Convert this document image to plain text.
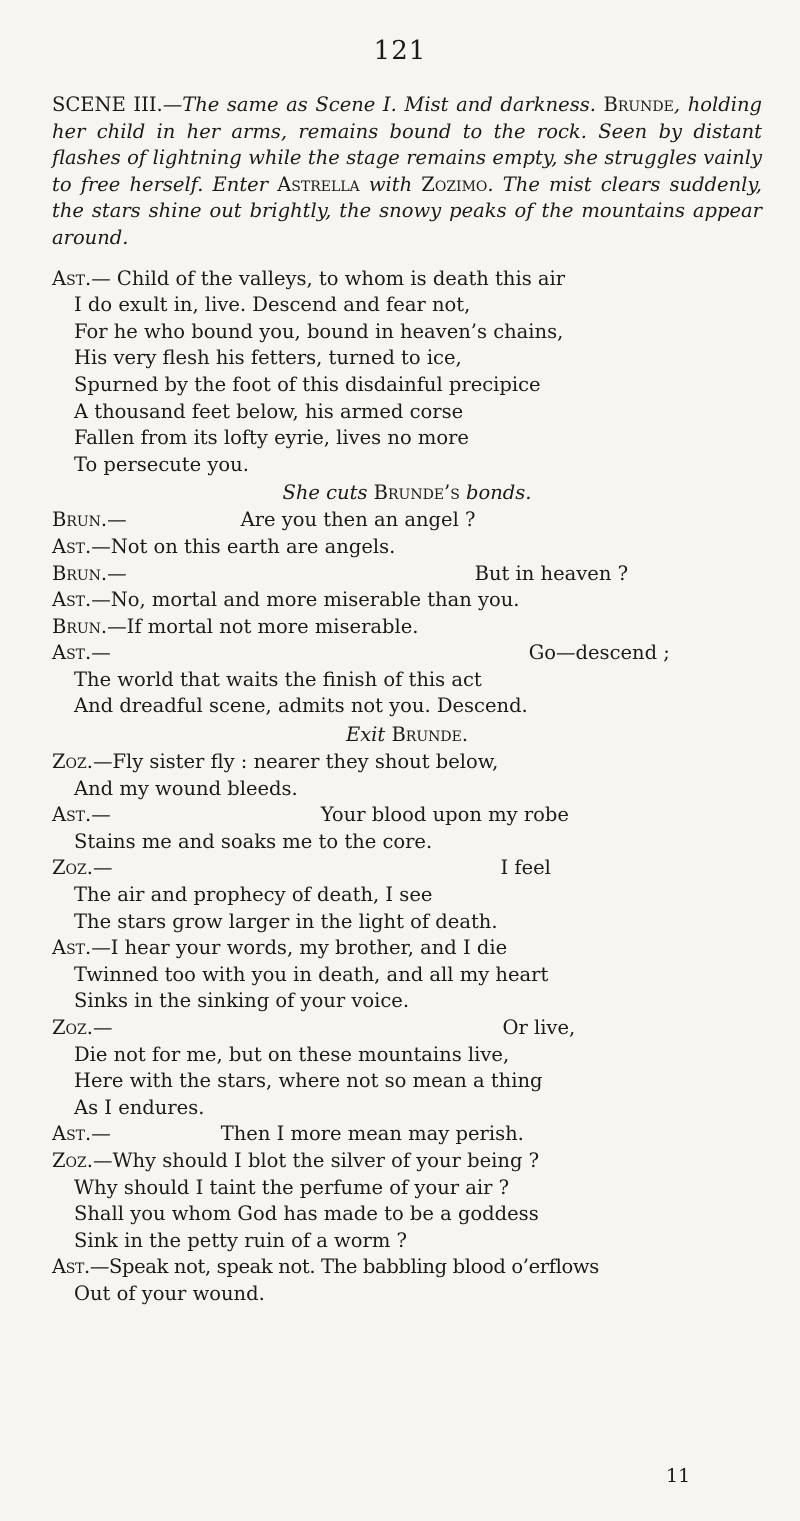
121

SCENE III.—The same as Scene I. Mist and darkness. Brunde, holding her child in her arms, remains bound to the rock. Seen by distant flashes of lightning while the stage remains empty, she struggles vainly to free herself. Enter Astrella with Zozimo. The mist clears suddenly, the stars shine out brightly, the snowy peaks of the mountains appear around.

Ast.— Child of the valleys, to whom is death this air
I do exult in, live. Descend and fear not,
For he who bound you, bound in heaven’s chains,
His very flesh his fetters, turned to ice,
Spurned by the foot of this disdainful precipice
A thousand feet below, his armed corse
Fallen from its lofty eyrie, lives no more
To persecute you.
She cuts Brunde’s bonds.
Brun.—	Are you then an angel ?
Ast.—Not on this earth are angels.
Brun.—	But in heaven ?
Ast.—No, mortal and more miserable than you.
Brun.—If mortal not more miserable.
Ast.—	Go—descend ;
The world that waits the finish of this act
And dreadful scene, admits not you. Descend.
Exit Brunde.
Zoz.—Fly sister fly : nearer they shout below,
And my wound bleeds.
Ast.—	Your blood upon my robe
Stains me and soaks me to the core.
Zoz.—	I feel
The air and prophecy of death, I see
The stars grow larger in the light of death.
Ast.—I hear your words, my brother, and I die
Twinned too with you in death, and all my heart
Sinks in the sinking of your voice.
Zoz.—	Or live,
Die not for me, but on these mountains live,
Here with the stars, where not so mean a thing
As I endures.
Ast.—	Then I more mean may perish.
Zoz.—Why should I blot the silver of your being ?
Why should I taint the perfume of your air ?
Shall you whom God has made to be a goddess
Sink in the petty ruin of a worm ?
Ast.—Speak not, speak not. The babbling blood o’erflows
Out of your wound.
11
